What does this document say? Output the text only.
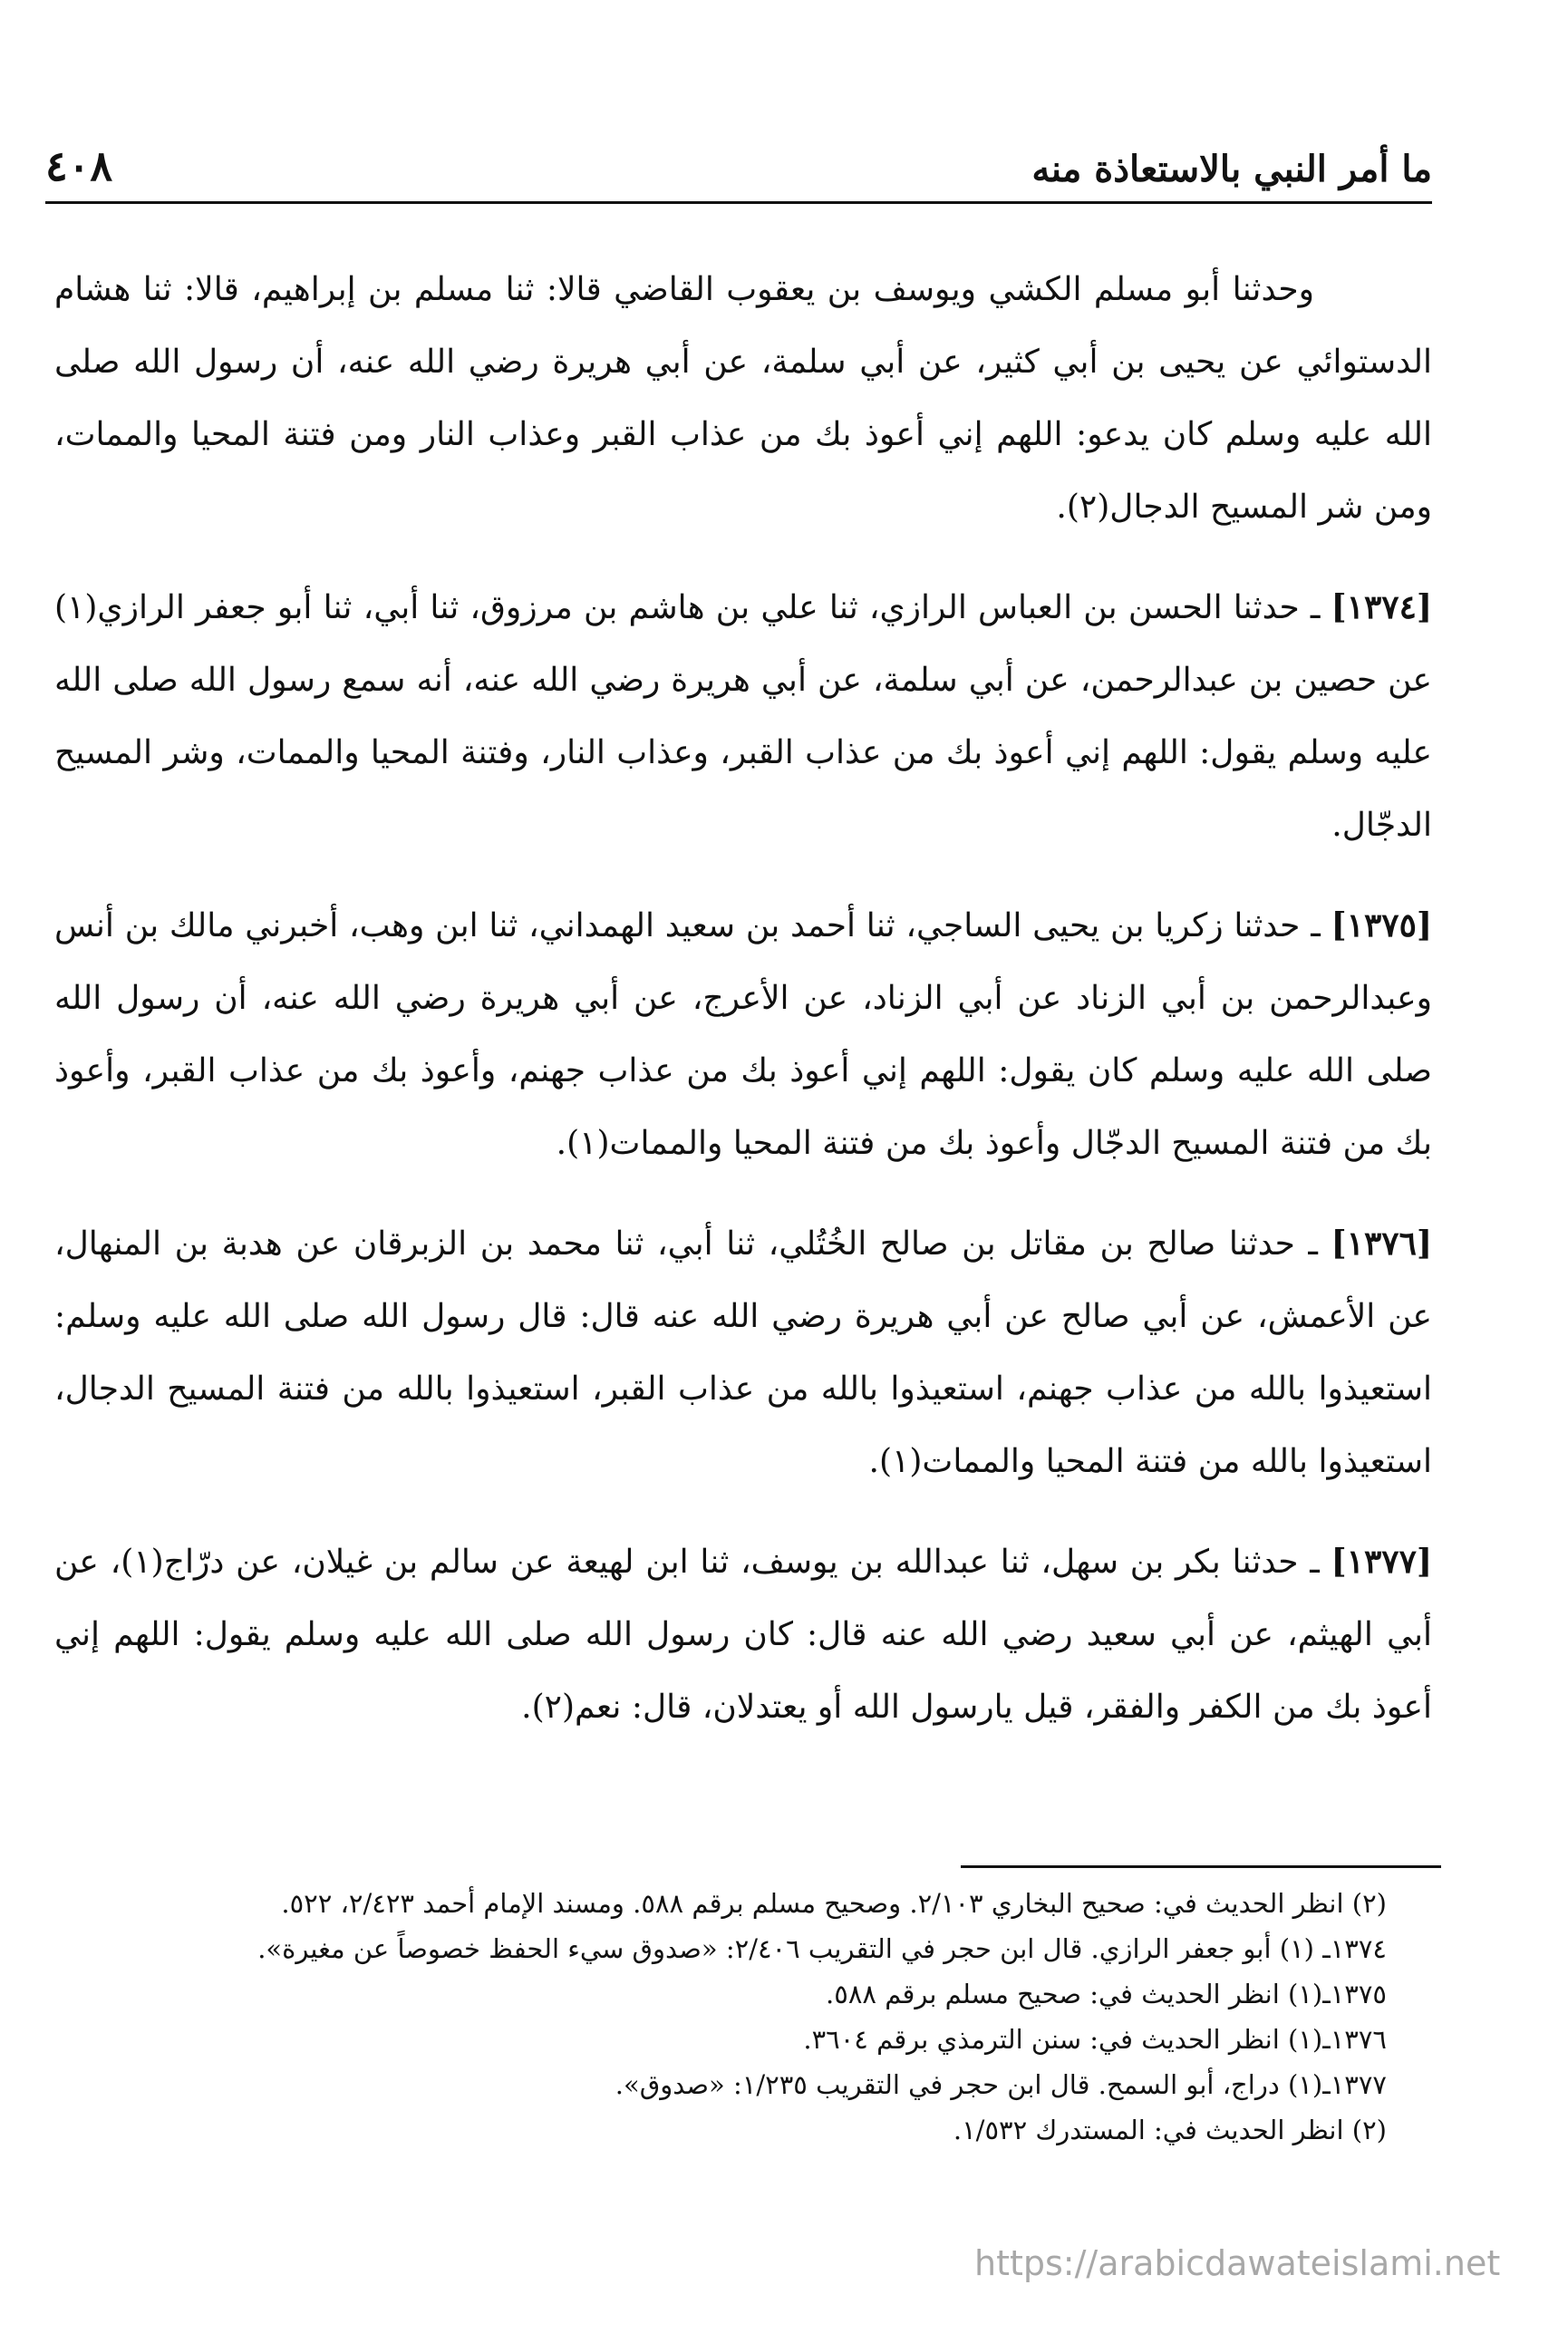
٤٠٨	ما أمر النبي بالاستعاذة منه

وحدثنا أبو مسلم الكشي ويوسف بن يعقوب القاضي قالا: ثنا مسلم بن إبراهيم، قالا: ثنا هشام الدستوائي عن يحيى بن أبي كثير، عن أبي سلمة، عن أبي هريرة رضي الله عنه، أن رسول الله صلى الله عليه وسلم كان يدعو: اللهم إني أعوذ بك من عذاب القبر وعذاب النار ومن فتنة المحيا والممات، ومن شر المسيح الدجال(٢).

[١٣٧٤] ـ حدثنا الحسن بن العباس الرازي، ثنا علي بن هاشم بن مرزوق، ثنا أبي، ثنا أبو جعفر الرازي(١) عن حصين بن عبدالرحمن، عن أبي سلمة، عن أبي هريرة رضي الله عنه، أنه سمع رسول الله صلى الله عليه وسلم يقول: اللهم إني أعوذ بك من عذاب القبر، وعذاب النار، وفتنة المحيا والممات، وشر المسيح الدجّال.

[١٣٧٥] ـ حدثنا زكريا بن يحيى الساجي، ثنا أحمد بن سعيد الهمداني، ثنا ابن وهب، أخبرني مالك بن أنس وعبدالرحمن بن أبي الزناد عن أبي الزناد، عن الأعرج، عن أبي هريرة رضي الله عنه، أن رسول الله صلى الله عليه وسلم كان يقول: اللهم إني أعوذ بك من عذاب جهنم، وأعوذ بك من عذاب القبر، وأعوذ بك من فتنة المسيح الدجّال وأعوذ بك من فتنة المحيا والممات(١).

[١٣٧٦] ـ حدثنا صالح بن مقاتل بن صالح الخُتُلي، ثنا أبي، ثنا محمد بن الزبرقان عن هدبة بن المنهال، عن الأعمش، عن أبي صالح عن أبي هريرة رضي الله عنه قال: قال رسول الله صلى الله عليه وسلم: استعيذوا بالله من عذاب جهنم، استعيذوا بالله من عذاب القبر، استعيذوا بالله من فتنة المسيح الدجال، استعيذوا بالله من فتنة المحيا والممات(١).

[١٣٧٧] ـ حدثنا بكر بن سهل، ثنا عبدالله بن يوسف، ثنا ابن لهيعة عن سالم بن غيلان، عن درّاج(١)، عن أبي الهيثم، عن أبي سعيد رضي الله عنه قال: كان رسول الله صلى الله عليه وسلم يقول: اللهم إني أعوذ بك من الكفر والفقر، قيل يارسول الله أو يعتدلان، قال: نعم(٢).

(٢) انظر الحديث في: صحيح البخاري ٢/١٠٣. وصحيح مسلم برقم ٥٨٨. ومسند الإمام أحمد ٢/٤٢٣، ٥٢٢.

١٣٧٤ـ (١) أبو جعفر الرازي. قال ابن حجر في التقريب ٢/٤٠٦: «صدوق سيء الحفظ خصوصاً عن مغيرة».

١٣٧٥ـ(١) انظر الحديث في: صحيح مسلم برقم ٥٨٨.

١٣٧٦ـ(١) انظر الحديث في: سنن الترمذي برقم ٣٦٠٤.

١٣٧٧ـ(١) دراج، أبو السمح. قال ابن حجر في التقريب ١/٢٣٥: «صدوق».

(٢) انظر الحديث في: المستدرك ١/٥٣٢.

https://arabicdawateislami.net
